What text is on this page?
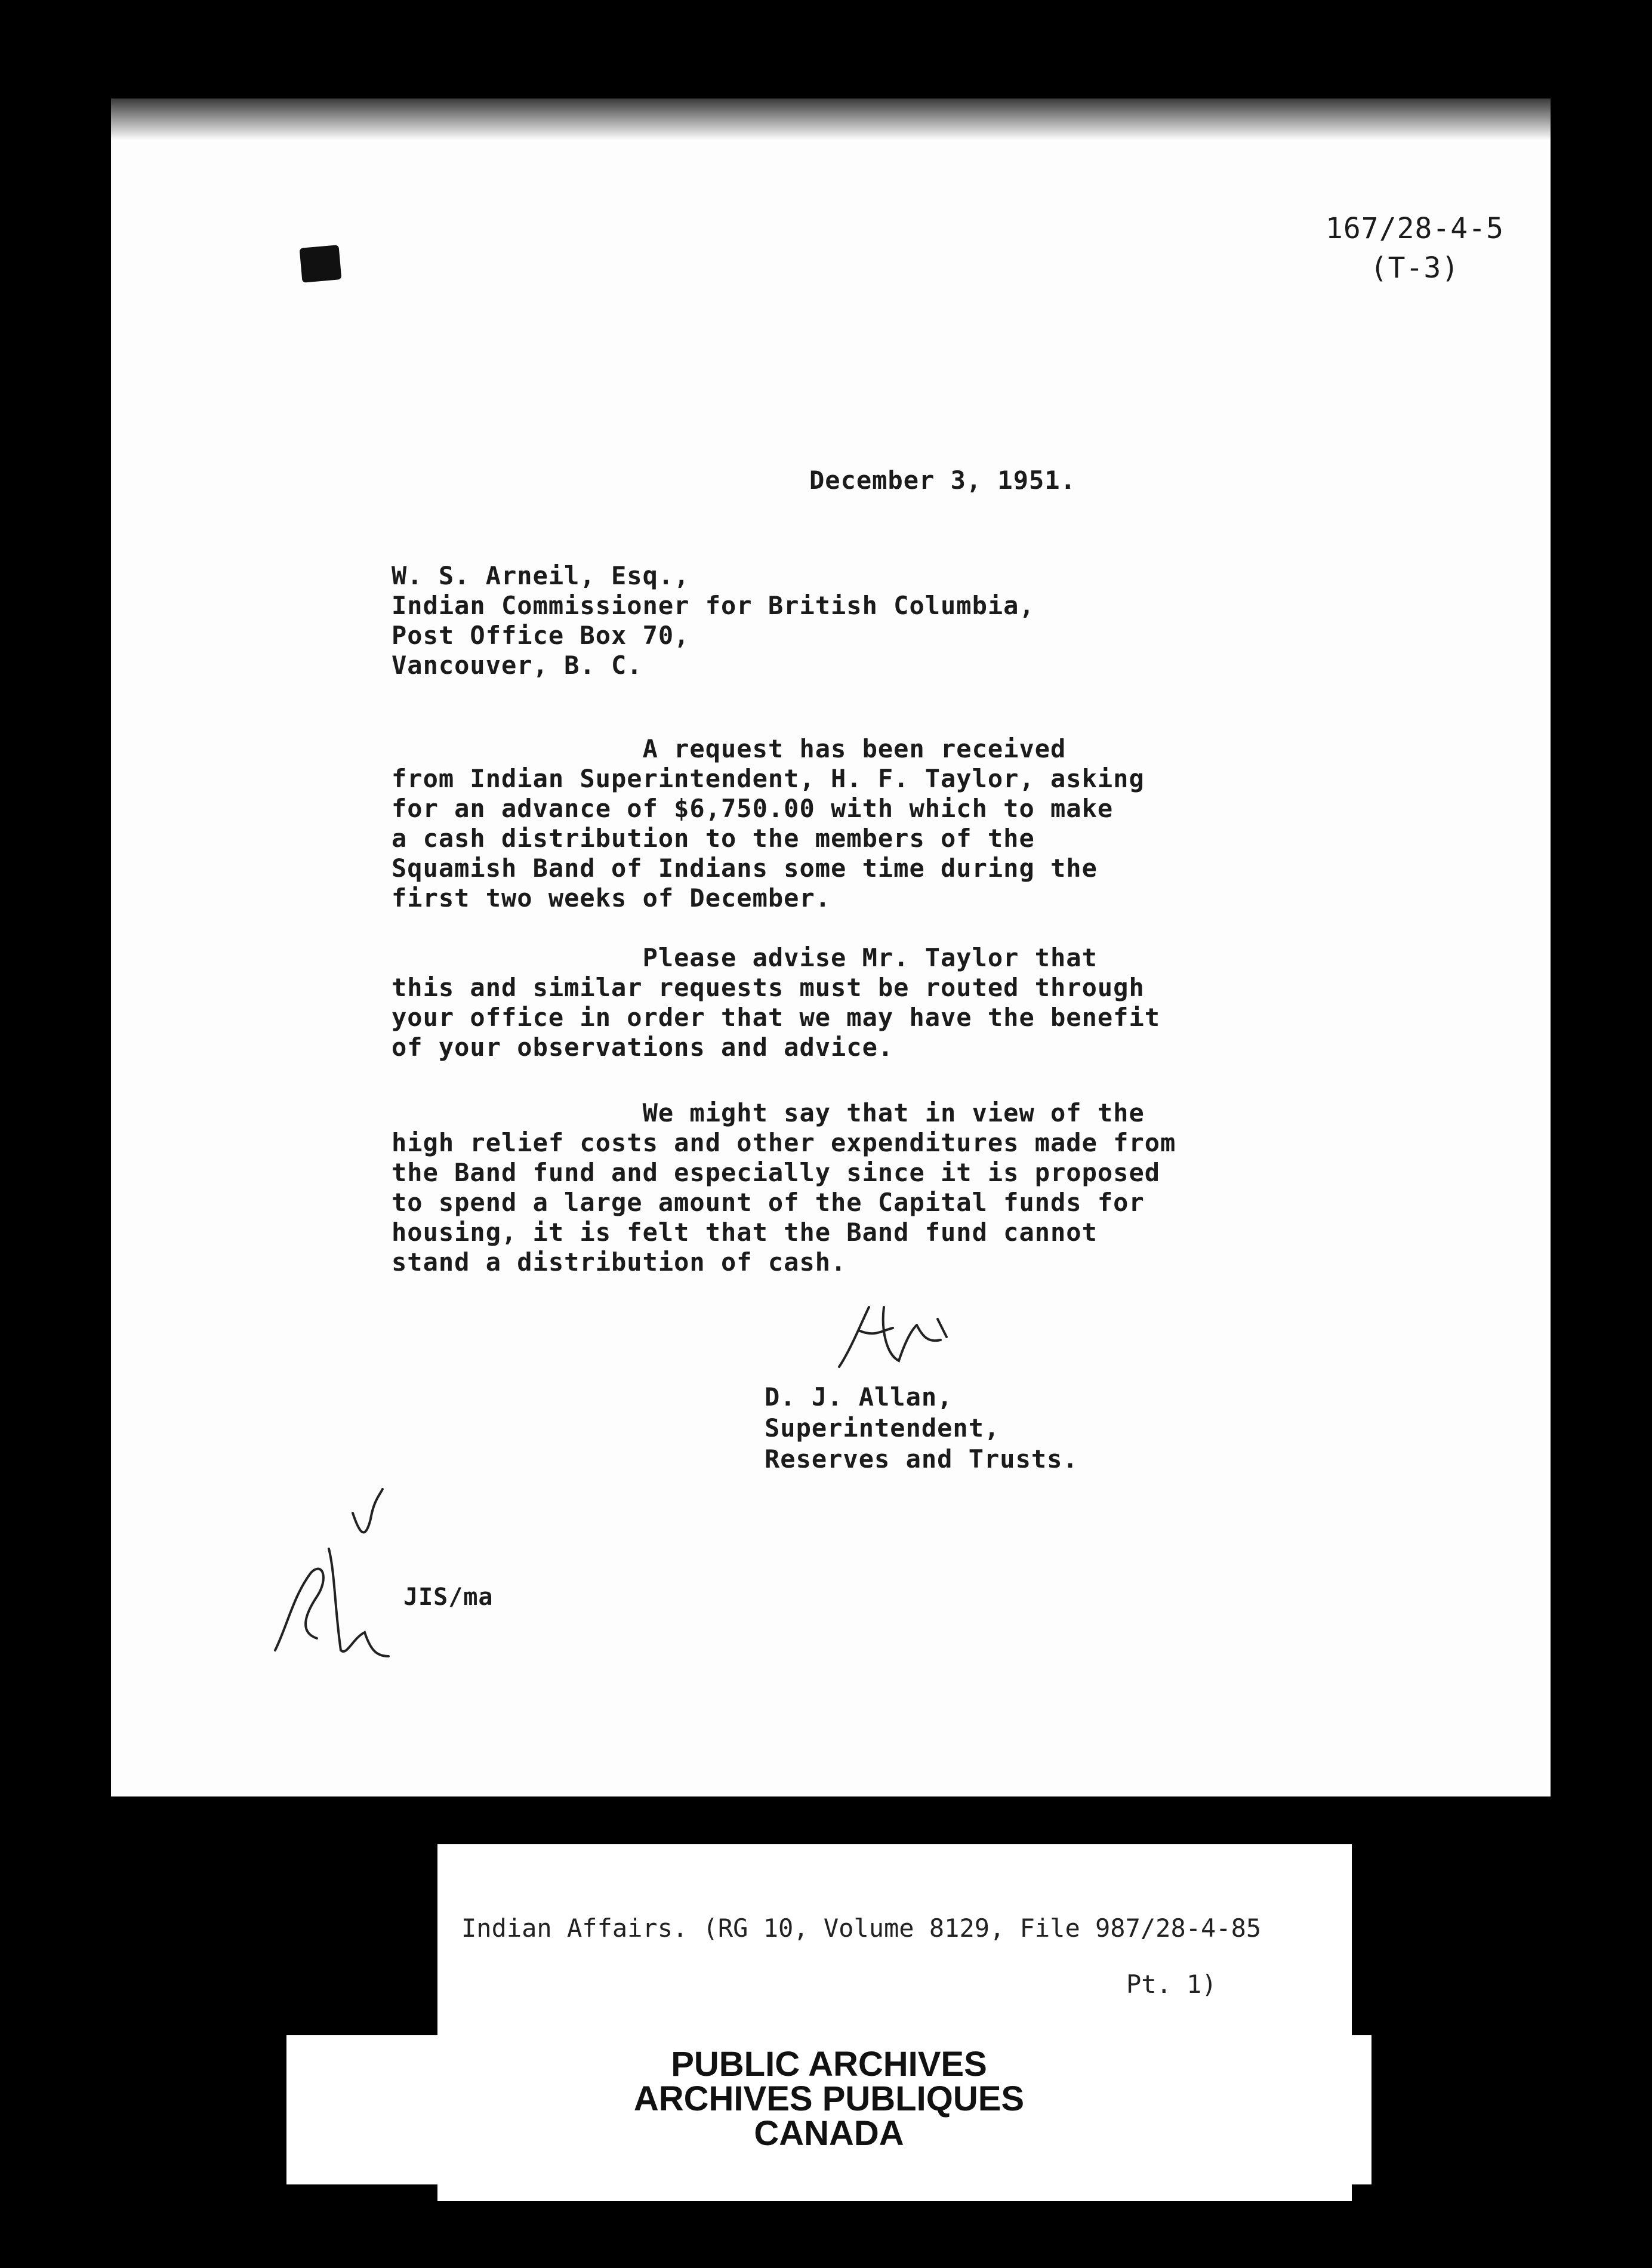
167/28-4-5
(T-3)
December 3, 1951.
W. S. Arneil, Esq.,
Indian Commissioner for British Columbia,
Post Office Box 70,
Vancouver, B. C.
A request has been received
from Indian Superintendent, H. F. Taylor, asking
for an advance of $6,750.00 with which to make
a cash distribution to the members of the
Squamish Band of Indians some time during the
first two weeks of December.
Please advise Mr. Taylor that
this and similar requests must be routed through
your office in order that we may have the benefit
of your observations and advice.
We might say that in view of the
high relief costs and other expenditures made from
the Band fund and especially since it is proposed
to spend a large amount of the Capital funds for
housing, it is felt that the Band fund cannot
stand a distribution of cash.
D. J. Allan,
Superintendent,
Reserves and Trusts.
JIS/ma
Indian Affairs. (RG 10, Volume 8129, File 987/28-4-85
Pt. 1)
PUBLIC ARCHIVES
ARCHIVES PUBLIQUES
CANADA
